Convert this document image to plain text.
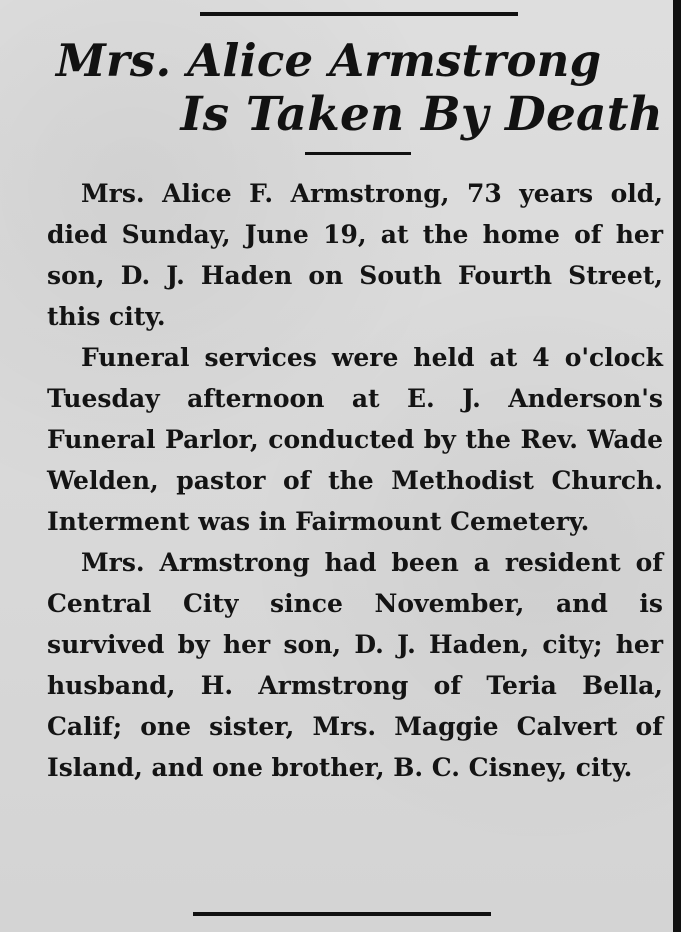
Mrs. Alice Armstrong
Is Taken By Death

Mrs. Alice F. Armstrong, 73 years old, died Sunday, June 19, at the home of her son, D. J. Haden on South Fourth Street, this city.

Funeral services were held at 4 o'clock Tuesday afternoon at E. J. Anderson's Funeral Parlor, conducted by the Rev. Wade Welden, pastor of the Methodist Church. Interment was in Fairmount Cemetery.

Mrs. Armstrong had been a resident of Central City since November, and is survived by her son, D. J. Haden, city; her husband, H. Armstrong of Teria Bella, Calif; one sister, Mrs. Maggie Calvert of Island, and one brother, B. C. Cisney, city.
